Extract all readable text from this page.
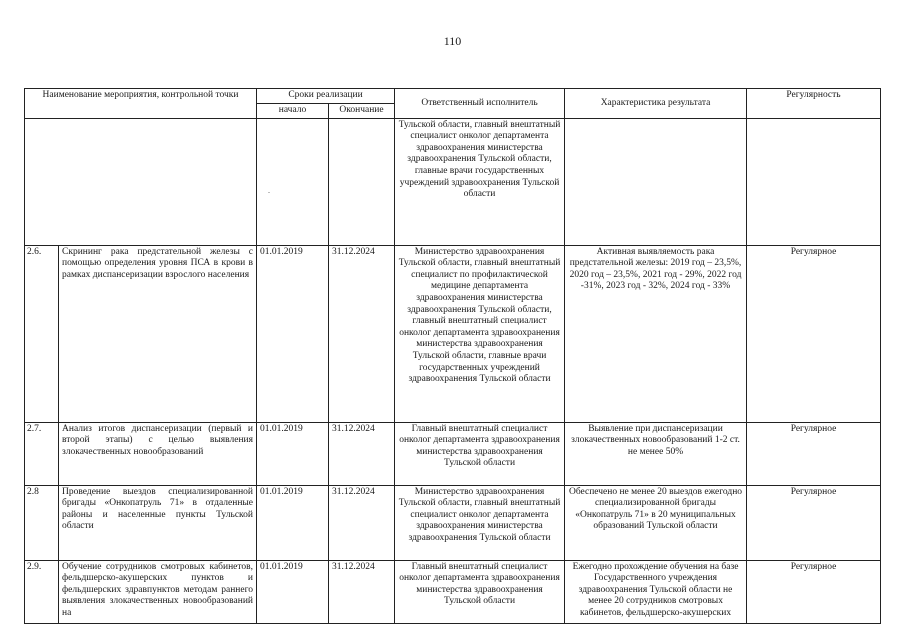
110
Наименование мероприятия, контрольной точки		Сроки реализации		Ответственный исполнитель	Характеристика результата	Регулярность
		начало	Окончание			
				Тульской области, главный внештатный специалист онколог департамента здравоохранения министерства здравоохранения Тульской области, главные врачи государственных учреждений здравоохранения Тульской области		
2.6.	Скрининг рака предстательной железы с помощью определения уровня ПСА в крови в рамках диспансеризации взрослого населения	01.01.2019	31.12.2024	Министерство здравоохранения Тульской области, главный внештатный специалист по профилактической медицине департамента здравоохранения министерства здравоохранения Тульской области, главный внештатный специалист онколог департамента здравоохранения министерства здравоохранения Тульской области, главные врачи государственных учреждений здравоохранения Тульской области	Активная выявляемость рака предстательной железы: 2019 год – 23,5%, 2020 год – 23,5%, 2021 год - 29%, 2022 год -31%, 2023 год - 32%, 2024 год - 33%	Регулярное
2.7.	Анализ итогов диспансеризации (первый и второй этапы) с целью выявления злокачественных новообразований	01.01.2019	31.12.2024	Главный внештатный специалист онколог департамента здравоохранения министерства здравоохранения Тульской области	Выявление при диспансеризации злокачественных новообразований 1-2 ст. не менее 50%	Регулярное
2.8	Проведение выездов специализированной бригады «Онкопатруль 71» в отдаленные районы и населенные пункты Тульской области	01.01.2019	31.12.2024	Министерство здравоохранения Тульской области, главный внештатный специалист онколог департамента здравоохранения министерства здравоохранения Тульской области	Обеспечено не менее 20 выездов ежегодно специализированной бригады «Онкопатруль 71» в 20 муниципальных образований Тульской области	Регулярное
2.9.	Обучение сотрудников смотровых кабинетов, фельдшерско-акушерских пунктов и фельдшерских здравпунктов методам раннего выявления злокачественных новообразований на	01.01.2019	31.12.2024	Главный внештатный специалист онколог департамента здравоохранения министерства здравоохранения Тульской области	Ежегодно прохождение обучения на базе Государственного учреждения здравоохранения Тульской области не менее 20 сотрудников смотровых кабинетов, фельдшерско-акушерских	Регулярное
.
